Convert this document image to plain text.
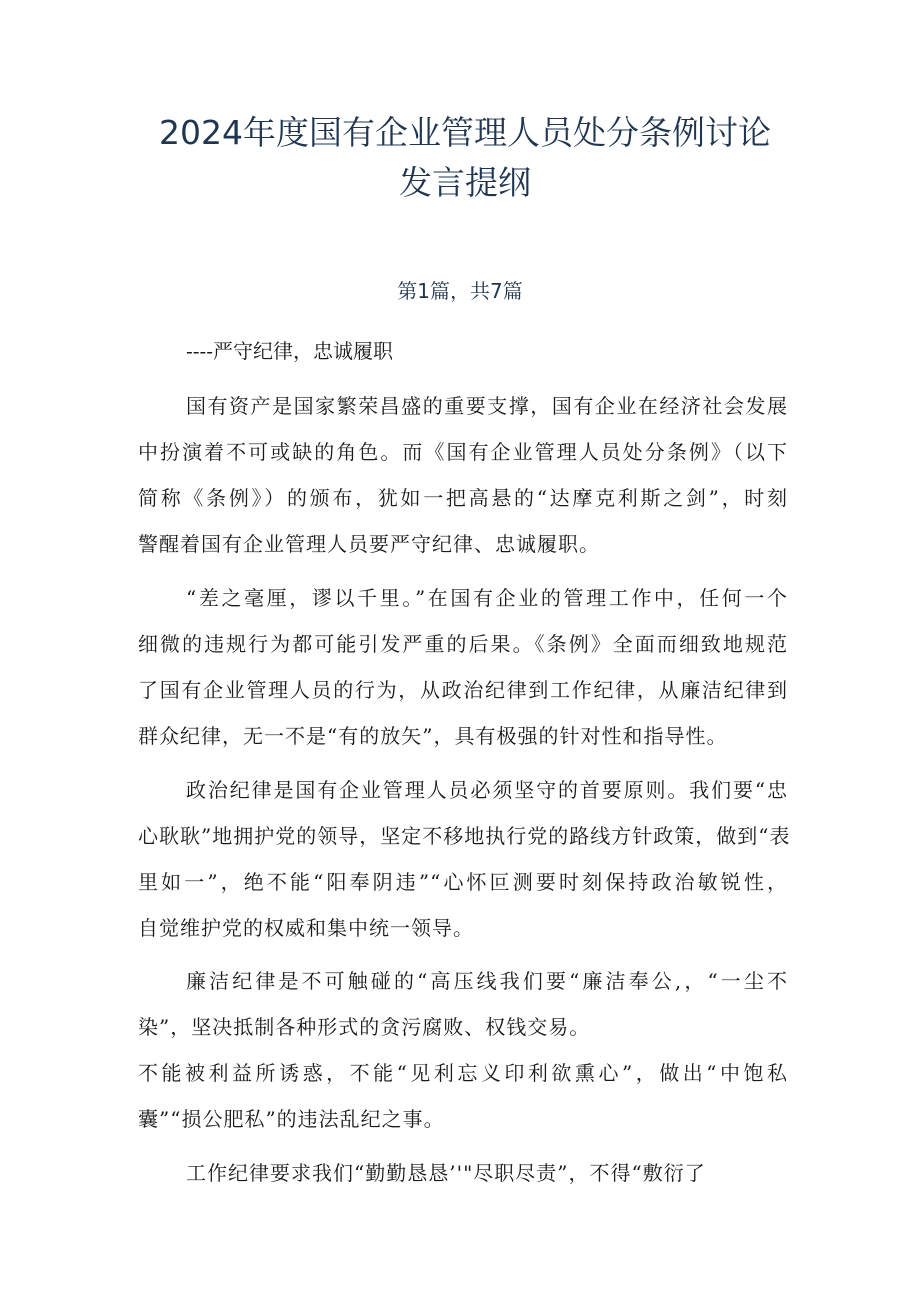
2024年度国有企业管理人员处分条例讨论
发言提纲
第1篇，共7篇
----严守纪律，忠诚履职

国有资产是国家繁荣昌盛的重要支撑，国有企业在经济社会发展
中扮演着不可或缺的角色。而《国有企业管理人员处分条例》（以下
简称《条例》）的颁布，犹如一把高悬的“达摩克利斯之剑”，时刻
警醒着国有企业管理人员要严守纪律、忠诚履职。

“差之毫厘，谬以千里。”在国有企业的管理工作中，任何一个
细微的违规行为都可能引发严重的后果。《条例》全面而细致地规范
了国有企业管理人员的行为，从政治纪律到工作纪律，从廉洁纪律到
群众纪律，无一不是“有的放矢”，具有极强的针对性和指导性。

政治纪律是国有企业管理人员必须坚守的首要原则。我们要“忠
心耿耿”地拥护党的领导，坚定不移地执行党的路线方针政策，做到“表
里如一”，绝不能“阳奉阴违”“心怀叵测要时刻保持政治敏锐性，
自觉维护党的权威和集中统一领导。

廉洁纪律是不可触碰的“高压线我们要“廉洁奉公,，“一尘不
染”，坚决抵制各种形式的贪污腐败、权钱交易。

不能被利益所诱惑，不能“见利忘义印利欲熏心”，做出“中饱私
囊”“损公肥私”的违法乱纪之事。

工作纪律要求我们“勤勤恳恳’'"尽职尽责”，不得“敷衍了
